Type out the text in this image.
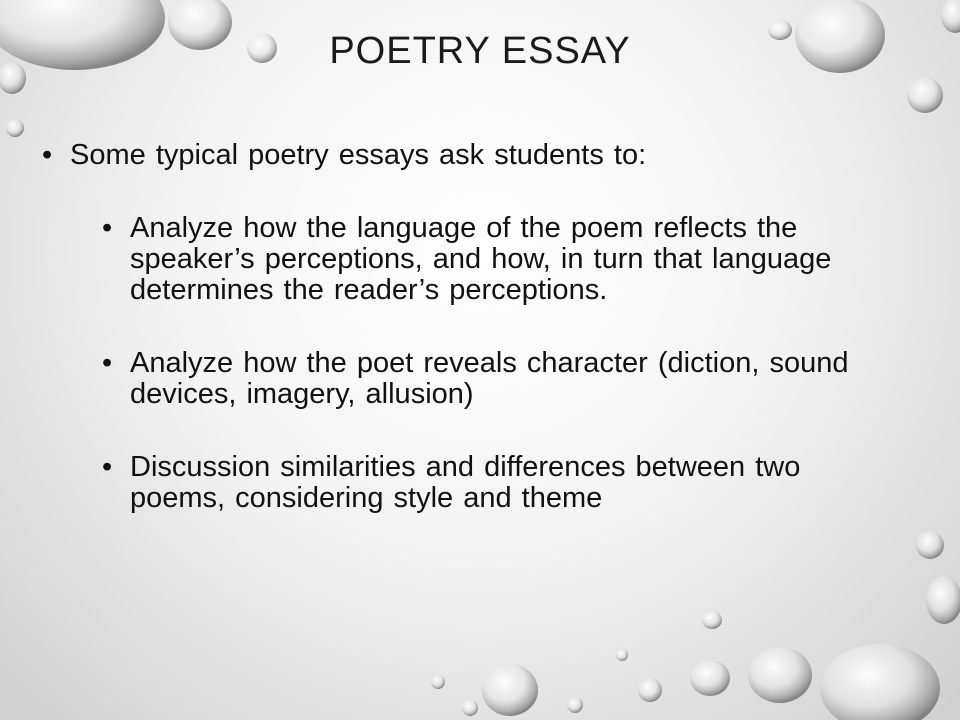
POETRY ESSAY
• Some typical poetry essays ask students to:
• Analyze how the language of the poem reflects the speaker’s perceptions, and how, in turn that language determines the reader’s perceptions.
• Analyze how the poet reveals character (diction, sound devices, imagery, allusion)
• Discussion similarities and differences between two poems, considering style and theme
